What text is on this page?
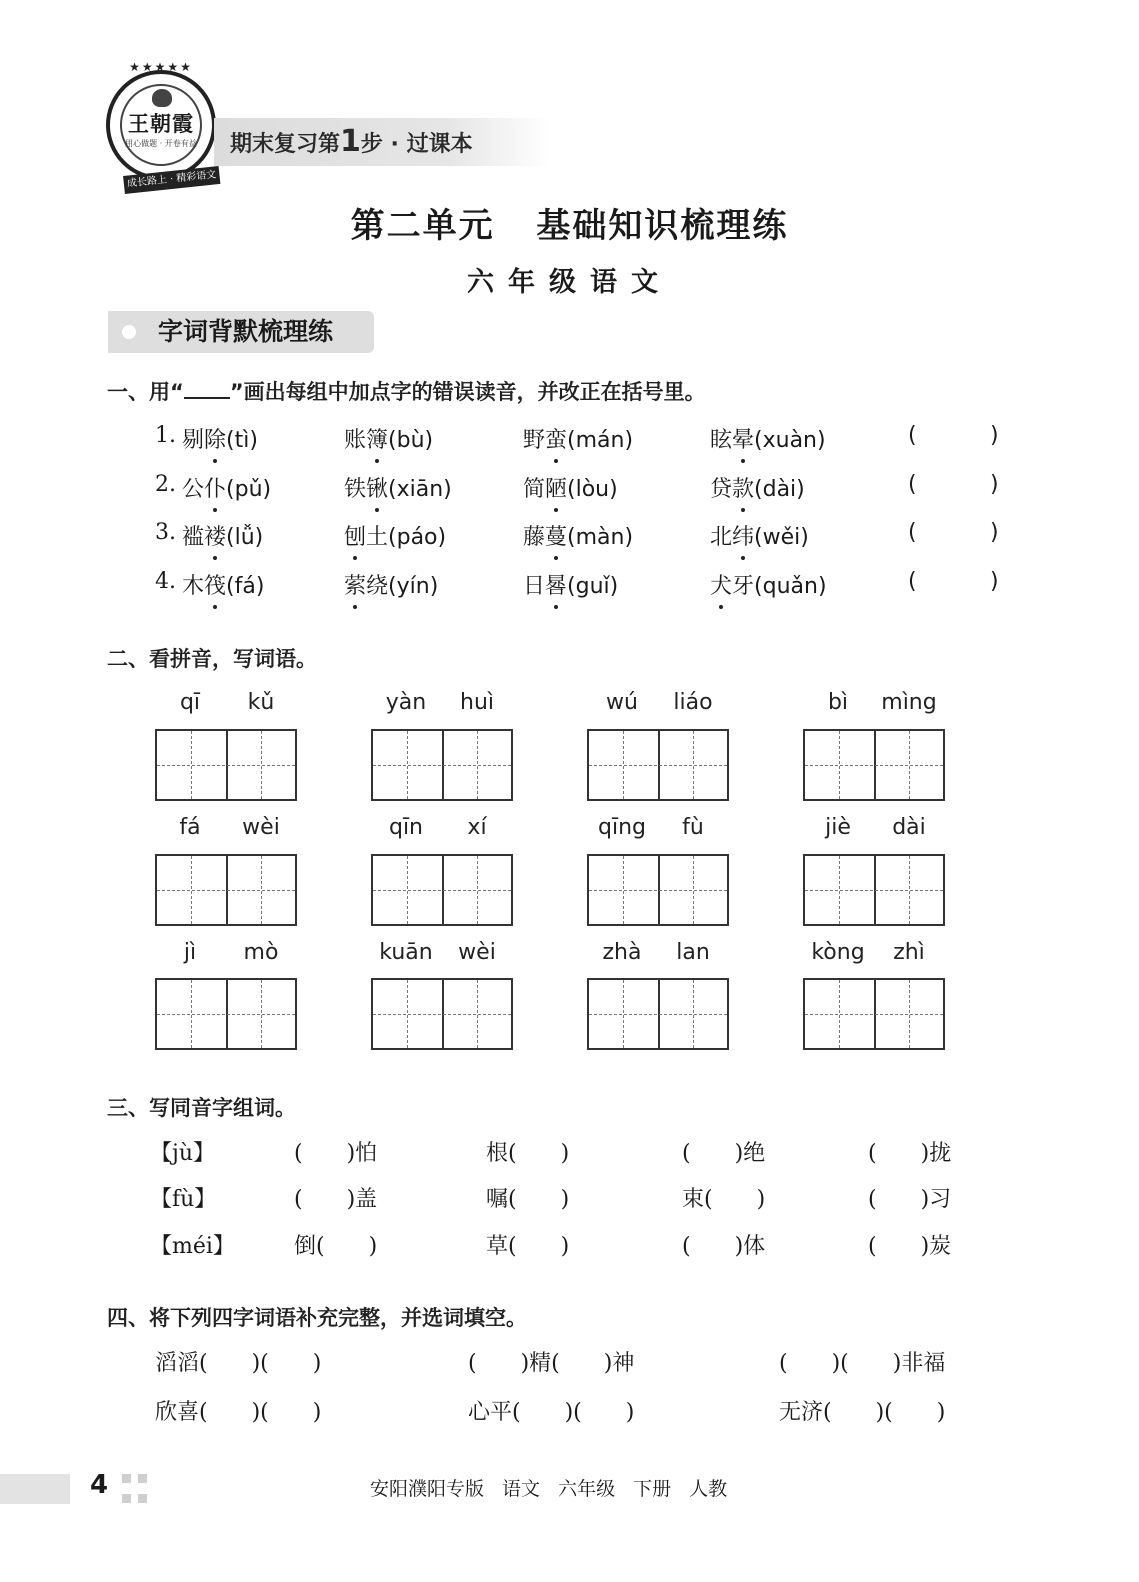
★★★★★
王朝霞
用心做题 · 开卷有益
成长路上 · 精彩语文
期末复习第1步 · 过课本
第二单元 基础知识梳理练
六年级语文
字词背默梳理练
一、用“ ”画出每组中加点字的错误读音，并改正在括号里。
1. 剔除(tì)	账簿(bù)	野蛮(mán)	眩晕(xuàn)	(	)
2. 公仆(pǔ)	铁锹(xiān)	简陋(lòu)	贷款(dài)	(	)
3. 褴褛(lǚ)	刨土(páo)	藤蔓(màn)	北纬(wěi)	(	)
4. 木筏(fá)	萦绕(yín)	日晷(guǐ)	犬牙(quǎn)	(	)
二、看拼音，写词语。
qī	kǔ	yàn	huì	wú	liáo	bì	mìng
fá	wèi	qīn	xí	qīng	fù	jiè	dài
jì	mò	kuān	wèi	zhà	lan	kòng	zhì
三、写同音字组词。
【jù】	(　　)怕	根(　　)	(　　)绝	(　　)拢
【fù】	(　　)盖	嘱(　　)	束(　　)	(　　)习
【méi】	倒(　　)	草(　　)	(　　)体	(　　)炭
四、将下列四字词语补充完整，并选词填空。
滔滔(　　)(　　)	(　　)精(　　)神	(　　)(　　)非福
欣喜(　　)(　　)	心平(　　)(　　)	无济(　　)(　　)
4	安阳濮阳专版 语文 六年级 下册 人教
